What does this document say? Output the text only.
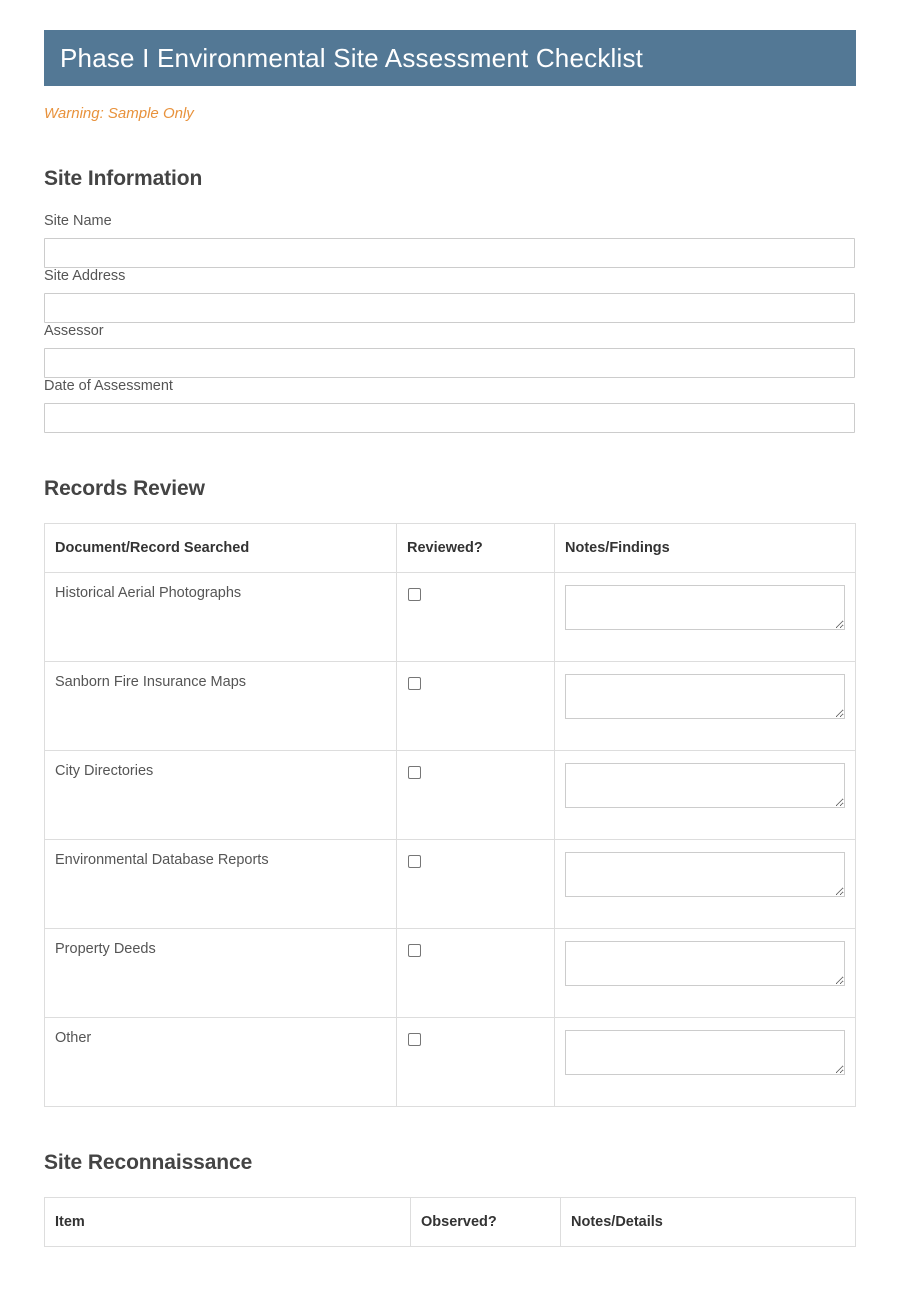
Phase I Environmental Site Assessment Checklist
Warning: Sample Only
Site Information
Site Name
Site Address
Assessor
Date of Assessment
Records Review
Document/Record Searched	Reviewed?	Notes/Findings
Historical Aerial Photographs		

Sanborn Fire Insurance Maps		

City Directories		

Environmental Database Reports		

Property Deeds		

Other		
Site Reconnaissance
Item	Observed?	Notes/Details
